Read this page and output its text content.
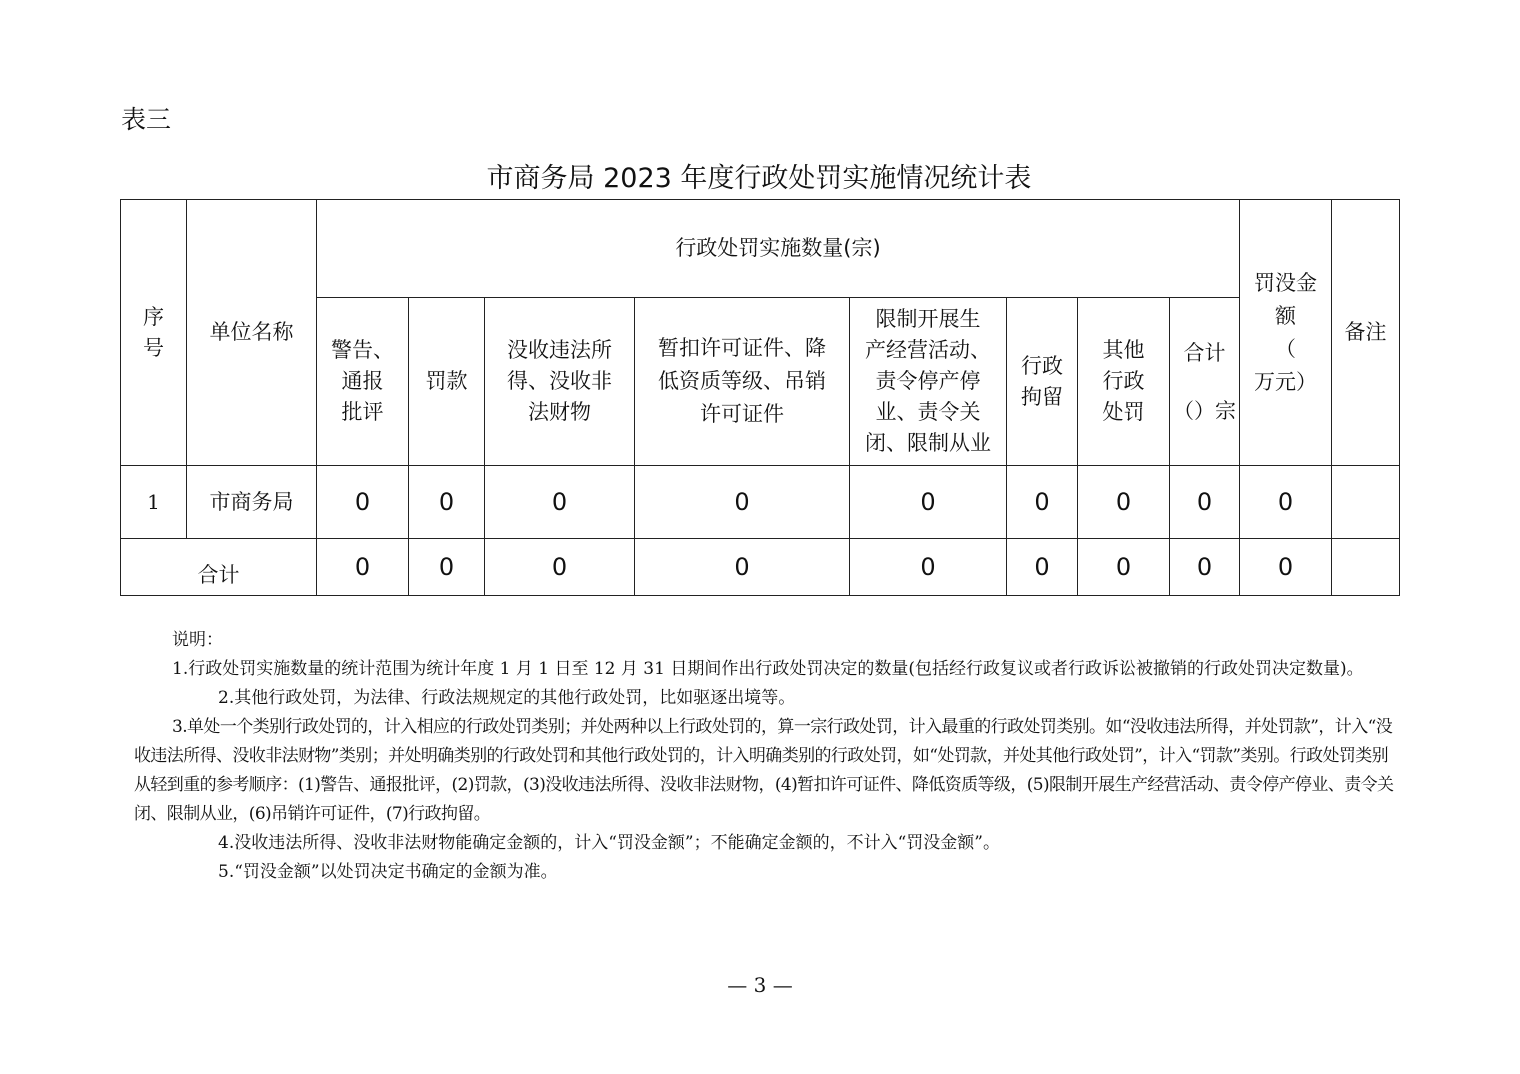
表三
市商务局 2023 年度行政处罚实施情况统计表
序
号	单位名称	行政处罚实施数量(宗)								罚没金
额
（
万元）	备注
		警告、
通报
批评	罚款	没收违法所
得、没收非
法财物	暂扣许可证件、降
低资质等级、吊销
许可证件	限制开展生
产经营活动、
责令停产停
业、责令关
闭、限制从业	行政
拘留	其他
行政
处罚	合计
（）宗		
1	市商务局	0	0	0	0	0	0	0	0	0	
合计		0	0	0	0	0	0	0	0	0	

说明：

1.行政处罚实施数量的统计范围为统计年度 1 月 1 日至 12 月 31 日期间作出行政处罚决定的数量(包括经行政复议或者行政诉讼被撤销的行政处罚决定数量)。

2.其他行政处罚，为法律、行政法规规定的其他行政处罚，比如驱逐出境等。

3.单处一个类别行政处罚的，计入相应的行政处罚类别；并处两种以上行政处罚的，算一宗行政处罚，计入最重的行政处罚类别。如“没收违法所得，并处罚款”，计入“没收违法所得、没收非法财物”类别；并处明确类别的行政处罚和其他行政处罚的，计入明确类别的行政处罚，如“处罚款，并处其他行政处罚”，计入“罚款”类别。行政处罚类别从轻到重的参考顺序：(1)警告、通报批评，(2)罚款，(3)没收违法所得、没收非法财物，(4)暂扣许可证件、降低资质等级，(5)限制开展生产经营活动、责令停产停业、责令关闭、限制从业，(6)吊销许可证件，(7)行政拘留。

4.没收违法所得、没收非法财物能确定金额的，计入“罚没金额”；不能确定金额的，不计入“罚没金额”。

5.“罚没金额”以处罚决定书确定的金额为准。

— 3 —
